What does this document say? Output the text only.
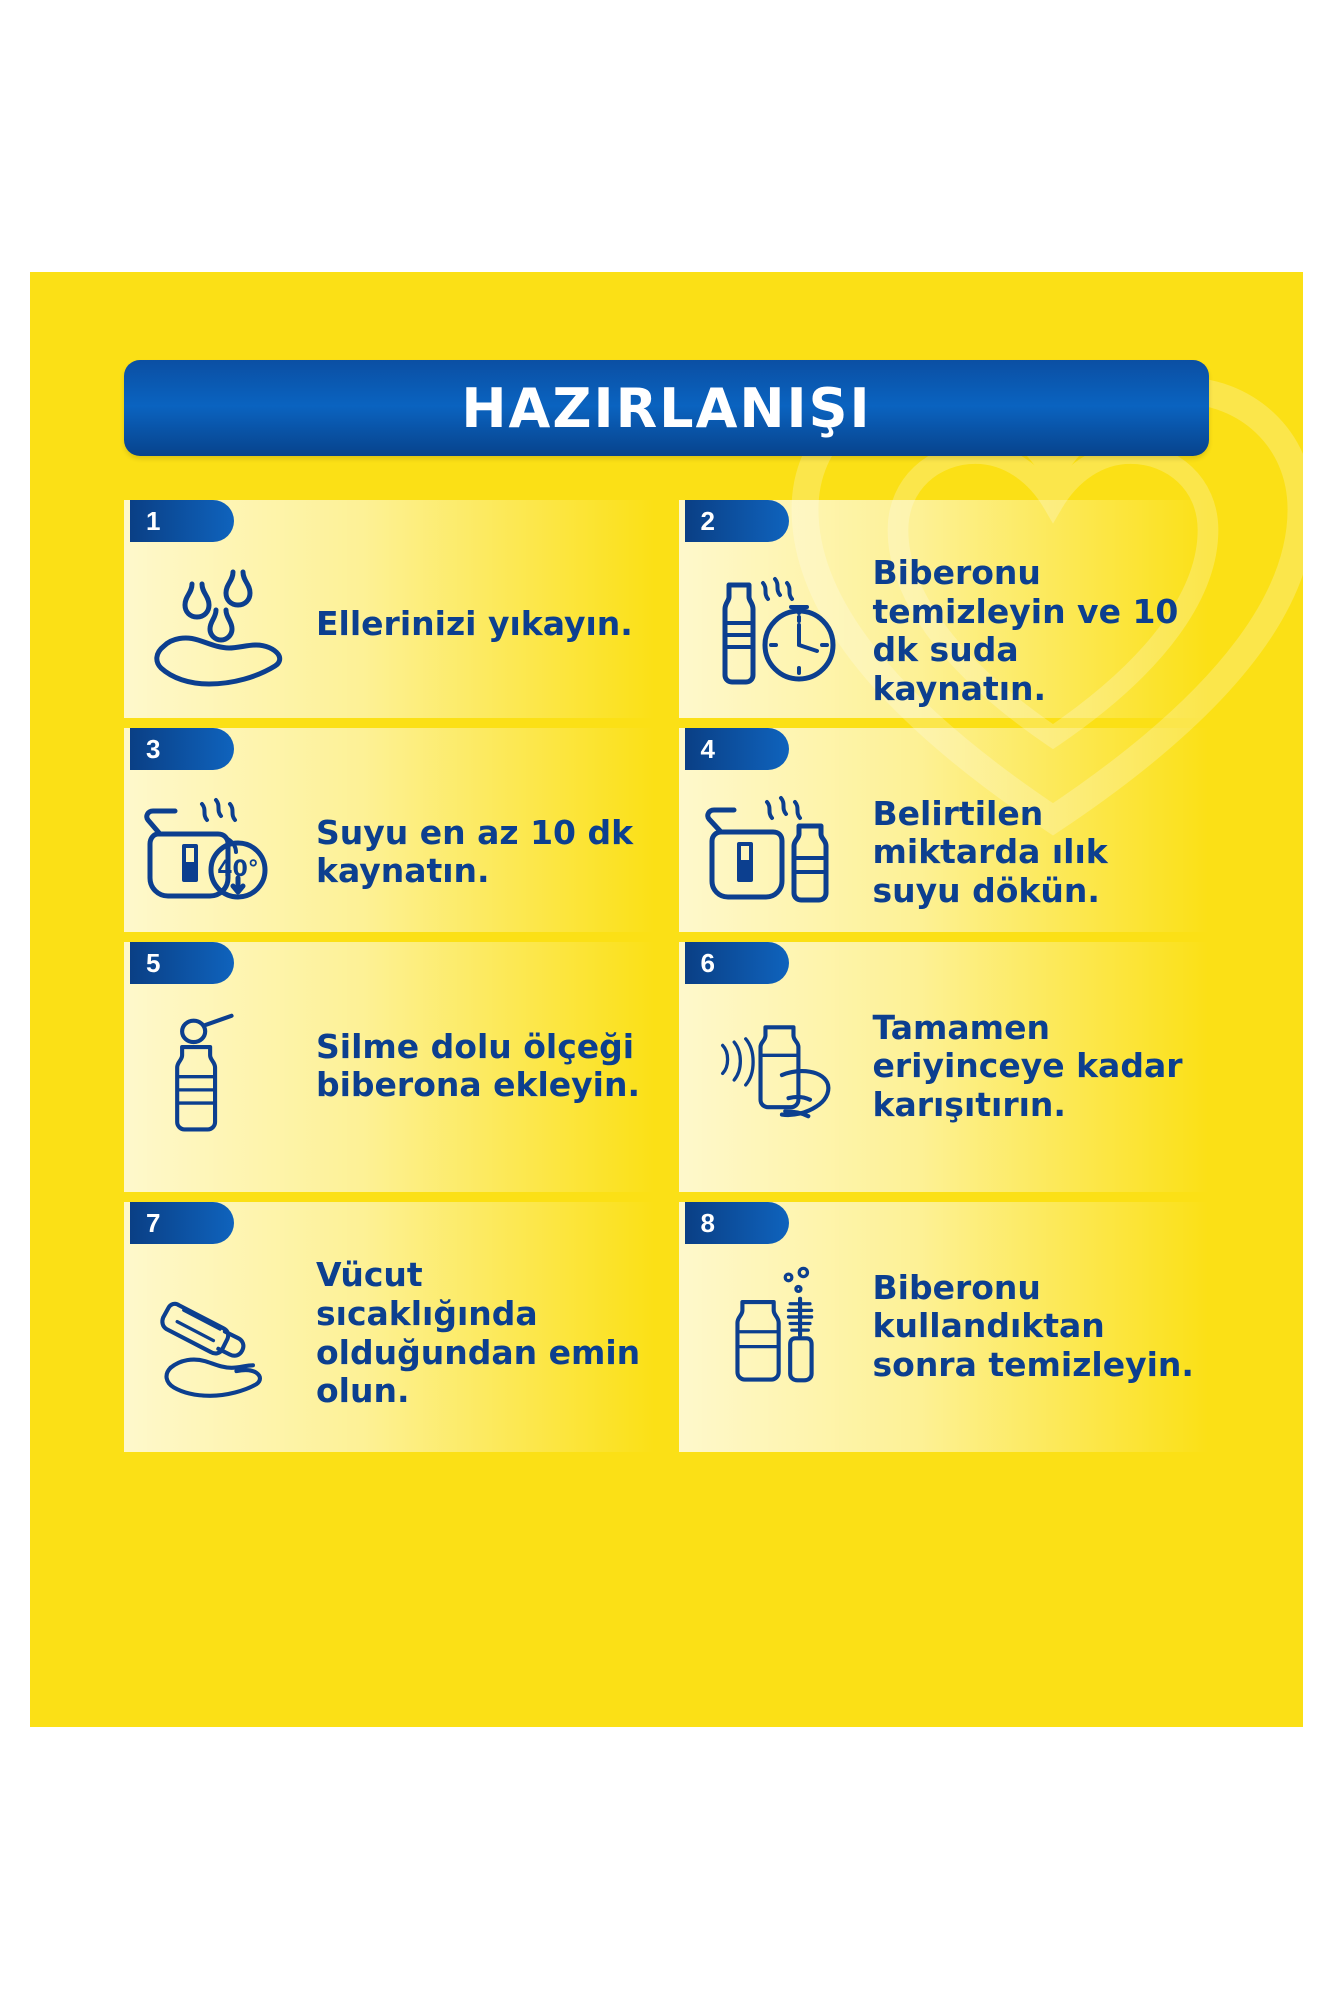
HAZIRLANIŞI
1
Ellerinizi yıkayın.
2
Biberonu temizleyin ve 10 dk suda kaynatın.
3
40°
Suyu en az 10 dk kaynatın.
4
Belirtilen miktarda ılık suyu dökün.
5
Silme dolu ölçeği biberona ekleyin.
6
Tamamen eriyinceye kadar karışıtırın.
7
Vücut sıcaklığında olduğundan emin olun.
8
Biberonu kullandıktan sonra temizleyin.
